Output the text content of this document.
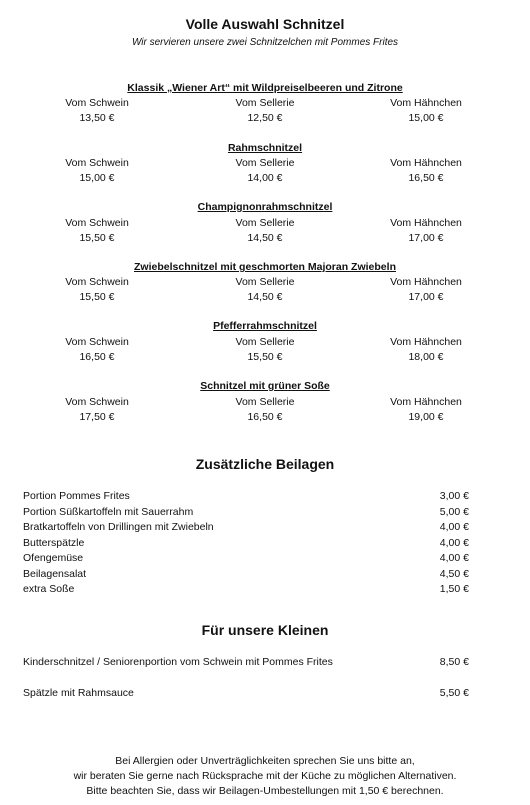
Volle Auswahl Schnitzel
Wir servieren unsere zwei Schnitzelchen mit Pommes Frites
Klassik „Wiener Art“ mit Wildpreiselbeeren und Zitrone
Vom Schwein	Vom Sellerie	Vom Hähnchen
13,50 €	12,50 €	15,00 €
Rahmschnitzel
Vom Schwein	Vom Sellerie	Vom Hähnchen
15,00 €	14,00 €	16,50 €
Champignonrahmschnitzel
Vom Schwein	Vom Sellerie	Vom Hähnchen
15,50 €	14,50 €	17,00 €
Zwiebelschnitzel mit geschmorten Majoran Zwiebeln
Vom Schwein	Vom Sellerie	Vom Hähnchen
15,50 €	14,50 €	17,00 €
Pfefferrahmschnitzel
Vom Schwein	Vom Sellerie	Vom Hähnchen
16,50 €	15,50 €	18,00 €
Schnitzel mit grüner Soße
Vom Schwein	Vom Sellerie	Vom Hähnchen
17,50 €	16,50 €	19,00 €
Zusätzliche Beilagen
Portion Pommes Frites	3,00 €
Portion Süßkartoffeln mit Sauerrahm	5,00 €
Bratkartoffeln von Drillingen mit Zwiebeln	4,00 €
Butterspätzle	4,00 €
Ofengemüse	4,00 €
Beilagensalat	4,50 €
extra Soße	1,50 €
Für unsere Kleinen
Kinderschnitzel / Seniorenportion vom Schwein mit Pommes Frites	8,50 €
Spätzle mit Rahmsauce	5,50 €
Bei Allergien oder Unverträglichkeiten sprechen Sie uns bitte an,
wir beraten Sie gerne nach Rücksprache mit der Küche zu möglichen Alternativen.
Bitte beachten Sie, dass wir Beilagen-Umbestellungen mit 1,50 € berechnen.
